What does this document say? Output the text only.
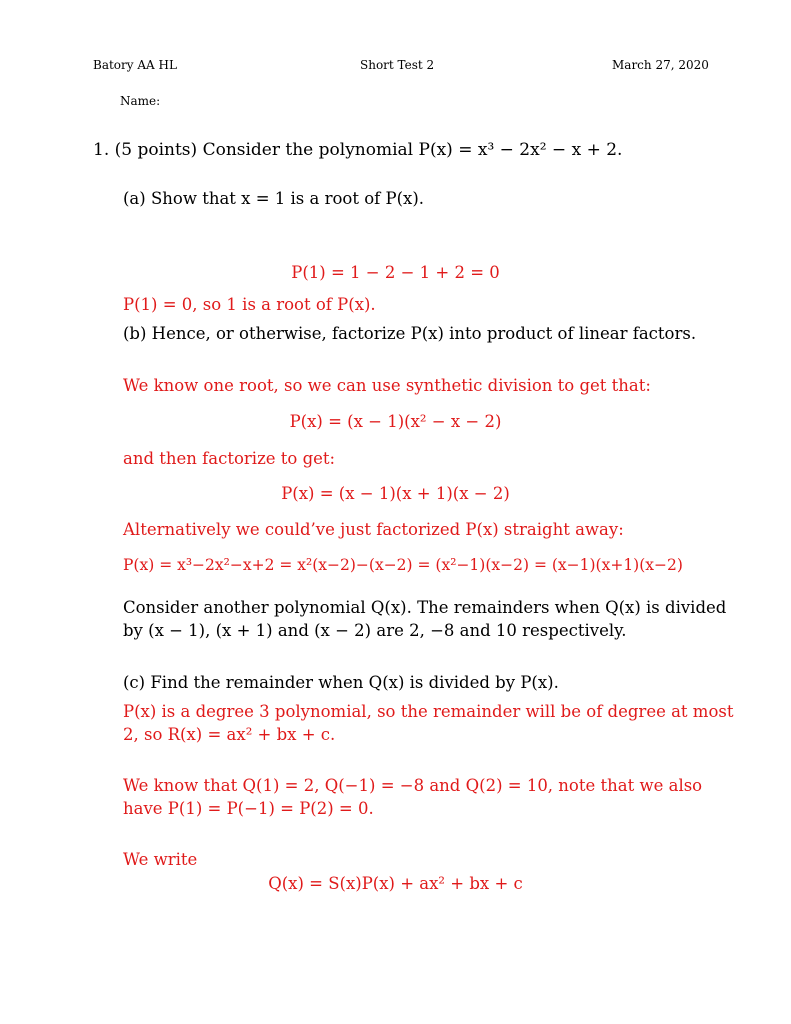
Batory AA HL	Short Test 2	March 27, 2020
Name:
1. (5 points) Consider the polynomial P(x) = x³ − 2x² − x + 2.
(a) Show that x = 1 is a root of P(x).
P(1) = 1 − 2 − 1 + 2 = 0
P(1) = 0, so 1 is a root of P(x).
(b) Hence, or otherwise, factorize P(x) into product of linear factors.
We know one root, so we can use synthetic division to get that:
P(x) = (x − 1)(x² − x − 2)
and then factorize to get:
P(x) = (x − 1)(x + 1)(x − 2)
Alternatively we could’ve just factorized P(x) straight away:
P(x) = x³−2x²−x+2 = x²(x−2)−(x−2) = (x²−1)(x−2) = (x−1)(x+1)(x−2)
Consider another polynomial Q(x). The remainders when Q(x) is divided
by (x − 1), (x + 1) and (x − 2) are 2, −8 and 10 respectively.
(c) Find the remainder when Q(x) is divided by P(x).
P(x) is a degree 3 polynomial, so the remainder will be of degree at most
2, so R(x) = ax² + bx + c.
We know that Q(1) = 2, Q(−1) = −8 and Q(2) = 10, note that we also
have P(1) = P(−1) = P(2) = 0.
We write
Q(x) = S(x)P(x) + ax² + bx + c
